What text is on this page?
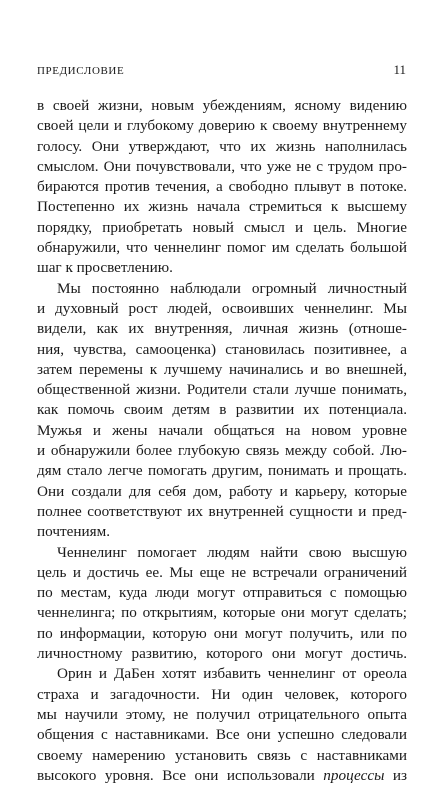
ПРЕДИСЛОВИЕ	11
в своей жизни, новым убеждениям, ясному видению
своей цели и глубокому доверию к своему внутреннему
голосу. Они утверждают, что их жизнь наполнилась
смыслом. Они почувствовали, что уже не с трудом про-
бираются против течения, а свободно плывут в потоке.
Постепенно их жизнь начала стремиться к высшему
порядку, приобретать новый смысл и цель. Многие
обнаружили, что ченнелинг помог им сделать большой
шаг к просветлению.
Мы постоянно наблюдали огромный личностный
и духовный рост людей, освоивших ченнелинг. Мы
видели, как их внутренняя, личная жизнь (отноше-
ния, чувства, самооценка) становилась позитивнее, а
затем перемены к лучшему начинались и во внешней,
общественной жизни. Родители стали лучше понимать,
как помочь своим детям в развитии их потенциала.
Мужья и жены начали общаться на новом уровне
и обнаружили более глубокую связь между собой. Лю-
дям стало легче помогать другим, понимать и прощать.
Они создали для себя дом, работу и карьеру, которые
полнее соответствуют их внутренней сущности и пред-
почтениям.
Ченнелинг помогает людям найти свою высшую
цель и достичь ее. Мы еще не встречали ограничений
по местам, куда люди могут отправиться с помощью
ченнелинга; по открытиям, которые они могут сделать;
по информации, которую они могут получить, или по
личностному развитию, которого они могут достичь.
Орин и ДаБен хотят избавить ченнелинг от ореола
страха и загадочности. Ни один человек, которого
мы научили этому, не получил отрицательного опыта
общения с наставниками. Все они успешно следовали
своему намерению установить связь с наставниками
высокого уровня. Все они использовали процессы из
